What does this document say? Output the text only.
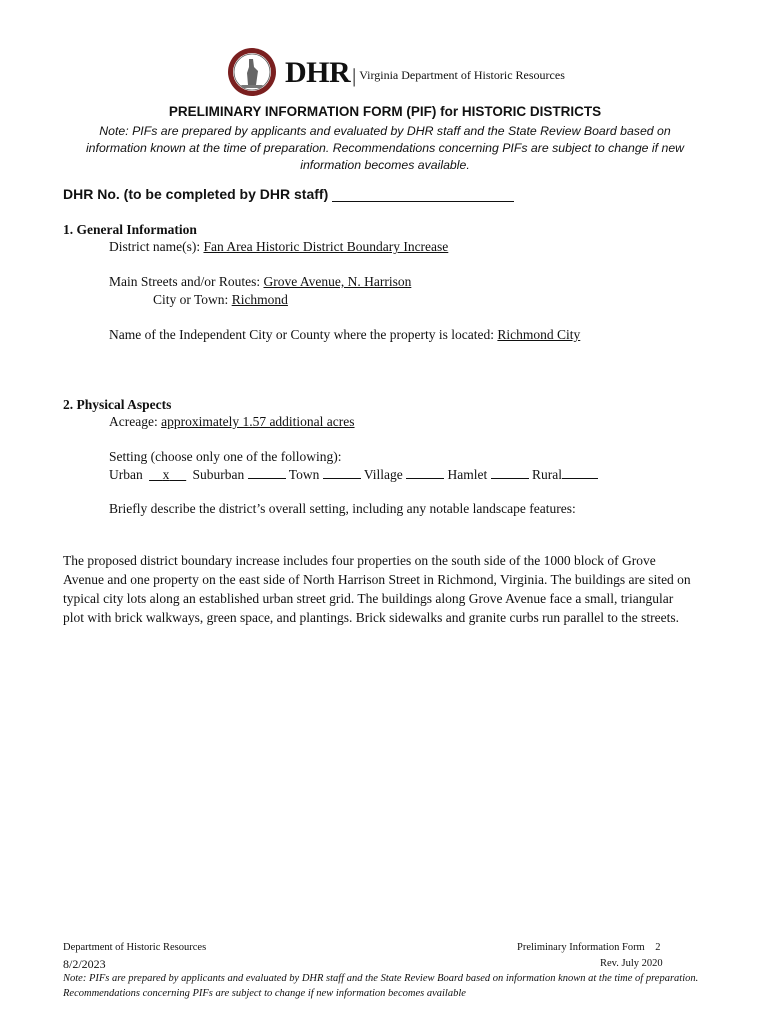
DHR | Virginia Department of Historic Resources
PRELIMINARY INFORMATION FORM (PIF) for HISTORIC DISTRICTS
Note: PIFs are prepared by applicants and evaluated by DHR staff and the State Review Board based on information known at the time of preparation. Recommendations concerning PIFs are subject to change if new information becomes available.
DHR No. (to be completed by DHR staff)
1. General Information
District name(s): Fan Area Historic District Boundary Increase
Main Streets and/or Routes: Grove Avenue, N. Harrison
City or Town: Richmond
Name of the Independent City or County where the property is located: Richmond City
2. Physical Aspects
Acreage: approximately 1.57 additional acres
Setting (choose only one of the following):
Urban x Suburban	Town	Village	Hamlet	Rural
Briefly describe the district’s overall setting, including any notable landscape features:
The proposed district boundary increase includes four properties on the south side of the 1000 block of Grove Avenue and one property on the east side of North Harrison Street in Richmond, Virginia. The buildings are sited on typical city lots along an established urban street grid. The buildings along Grove Avenue face a small, triangular plot with brick walkways, green space, and plantings. Brick sidewalks and granite curbs run parallel to the streets.
Department of Historic Resources	Preliminary Information Form 2
8/2/2023	Rev. July 2020
Note: PIFs are prepared by applicants and evaluated by DHR staff and the State Review Board based on information known at the time of preparation. Recommendations concerning PIFs are subject to change if new information becomes available
